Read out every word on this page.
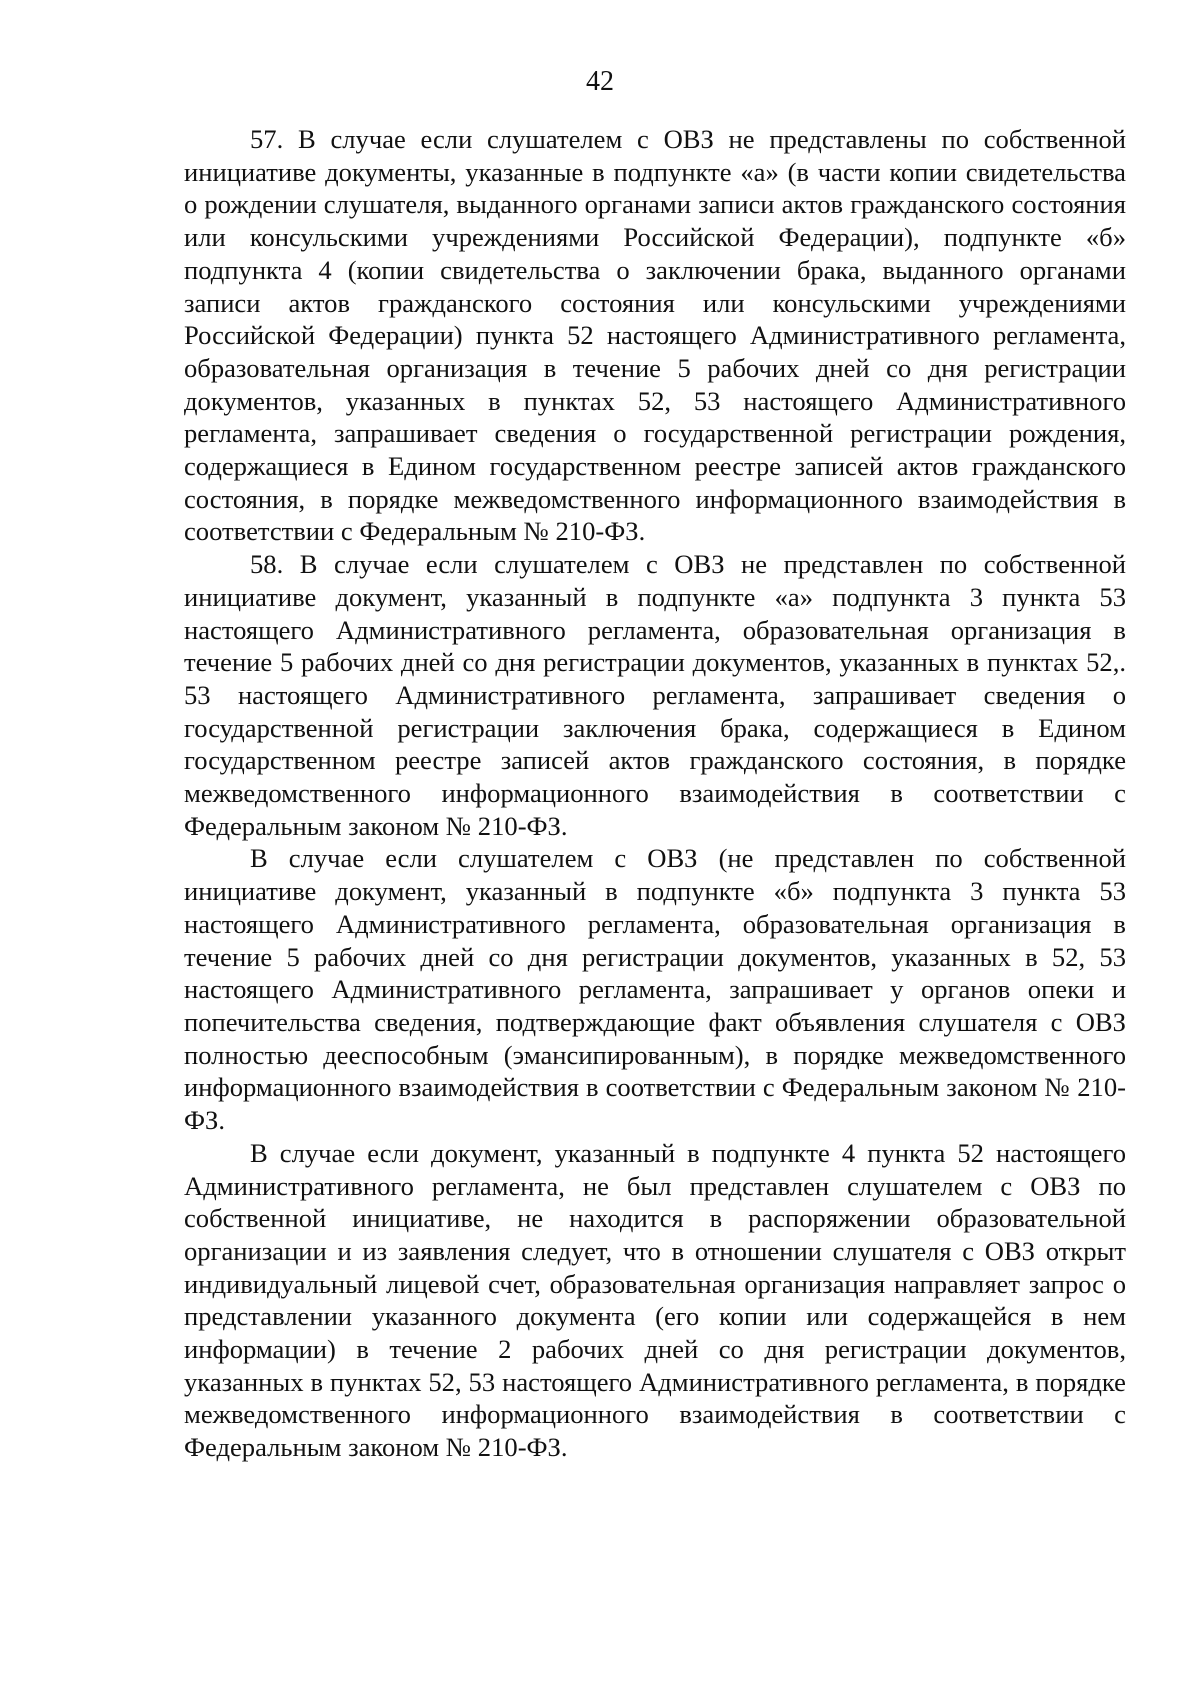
42

57. В случае если слушателем с ОВЗ не представлены по собственной инициативе документы, указанные в подпункте «а» (в части копии свидетельства о рождении слушателя, выданного органами записи актов гражданского состояния или консульскими учреждениями Российской Федерации), подпункте «б» подпункта 4 (копии свидетельства о заключении брака, выданного органами записи актов гражданского состояния или консульскими учреждениями Российской Федерации) пункта 52 настоящего Административного регламента, образовательная организация в течение 5 рабочих дней со дня регистрации документов, указанных в пунктах 52, 53 настоящего Административного регламента, запрашивает сведения о государственной регистрации рождения, содержащиеся в Едином государственном реестре записей актов гражданского состояния, в порядке межведомственного информационного взаимодействия в соответствии с Федеральным № 210-ФЗ.

58. В случае если слушателем с ОВЗ не представлен по собственной инициативе документ, указанный в подпункте «а» подпункта 3 пункта 53 настоящего Административного регламента, образовательная организация в течение 5 рабочих дней со дня регистрации документов, указанных в пунктах 52,. 53 настоящего Административного регламента, запрашивает сведения о государственной регистрации заключения брака, содержащиеся в Едином государственном реестре записей актов гражданского состояния, в порядке межведомственного информационного взаимодействия в соответствии с Федеральным законом № 210-ФЗ.

В случае если слушателем с ОВЗ (не представлен по собственной инициативе документ, указанный в подпункте «б» подпункта 3 пункта 53 настоящего Административного регламента, образовательная организация в течение 5 рабочих дней со дня регистрации документов, указанных в 52, 53 настоящего Административного регламента, запрашивает у органов опеки и попечительства сведения, подтверждающие факт объявления слушателя с ОВЗ полностью дееспособным (эмансипированным), в порядке межведомственного информационного взаимодействия в соответствии с Федеральным законом № 210-ФЗ.

В случае если документ, указанный в подпункте 4 пункта 52 настоящего Административного регламента, не был представлен слушателем с ОВЗ по собственной инициативе, не находится в распоряжении образовательной организации и из заявления следует, что в отношении слушателя с ОВЗ открыт индивидуальный лицевой счет, образовательная организация направляет запрос о представлении указанного документа (его копии или содержащейся в нем информации) в течение 2 рабочих дней со дня регистрации документов, указанных в пунктах 52, 53 настоящего Административного регламента, в порядке межведомственного информационного взаимодействия в соответствии с Федеральным законом № 210-ФЗ.
